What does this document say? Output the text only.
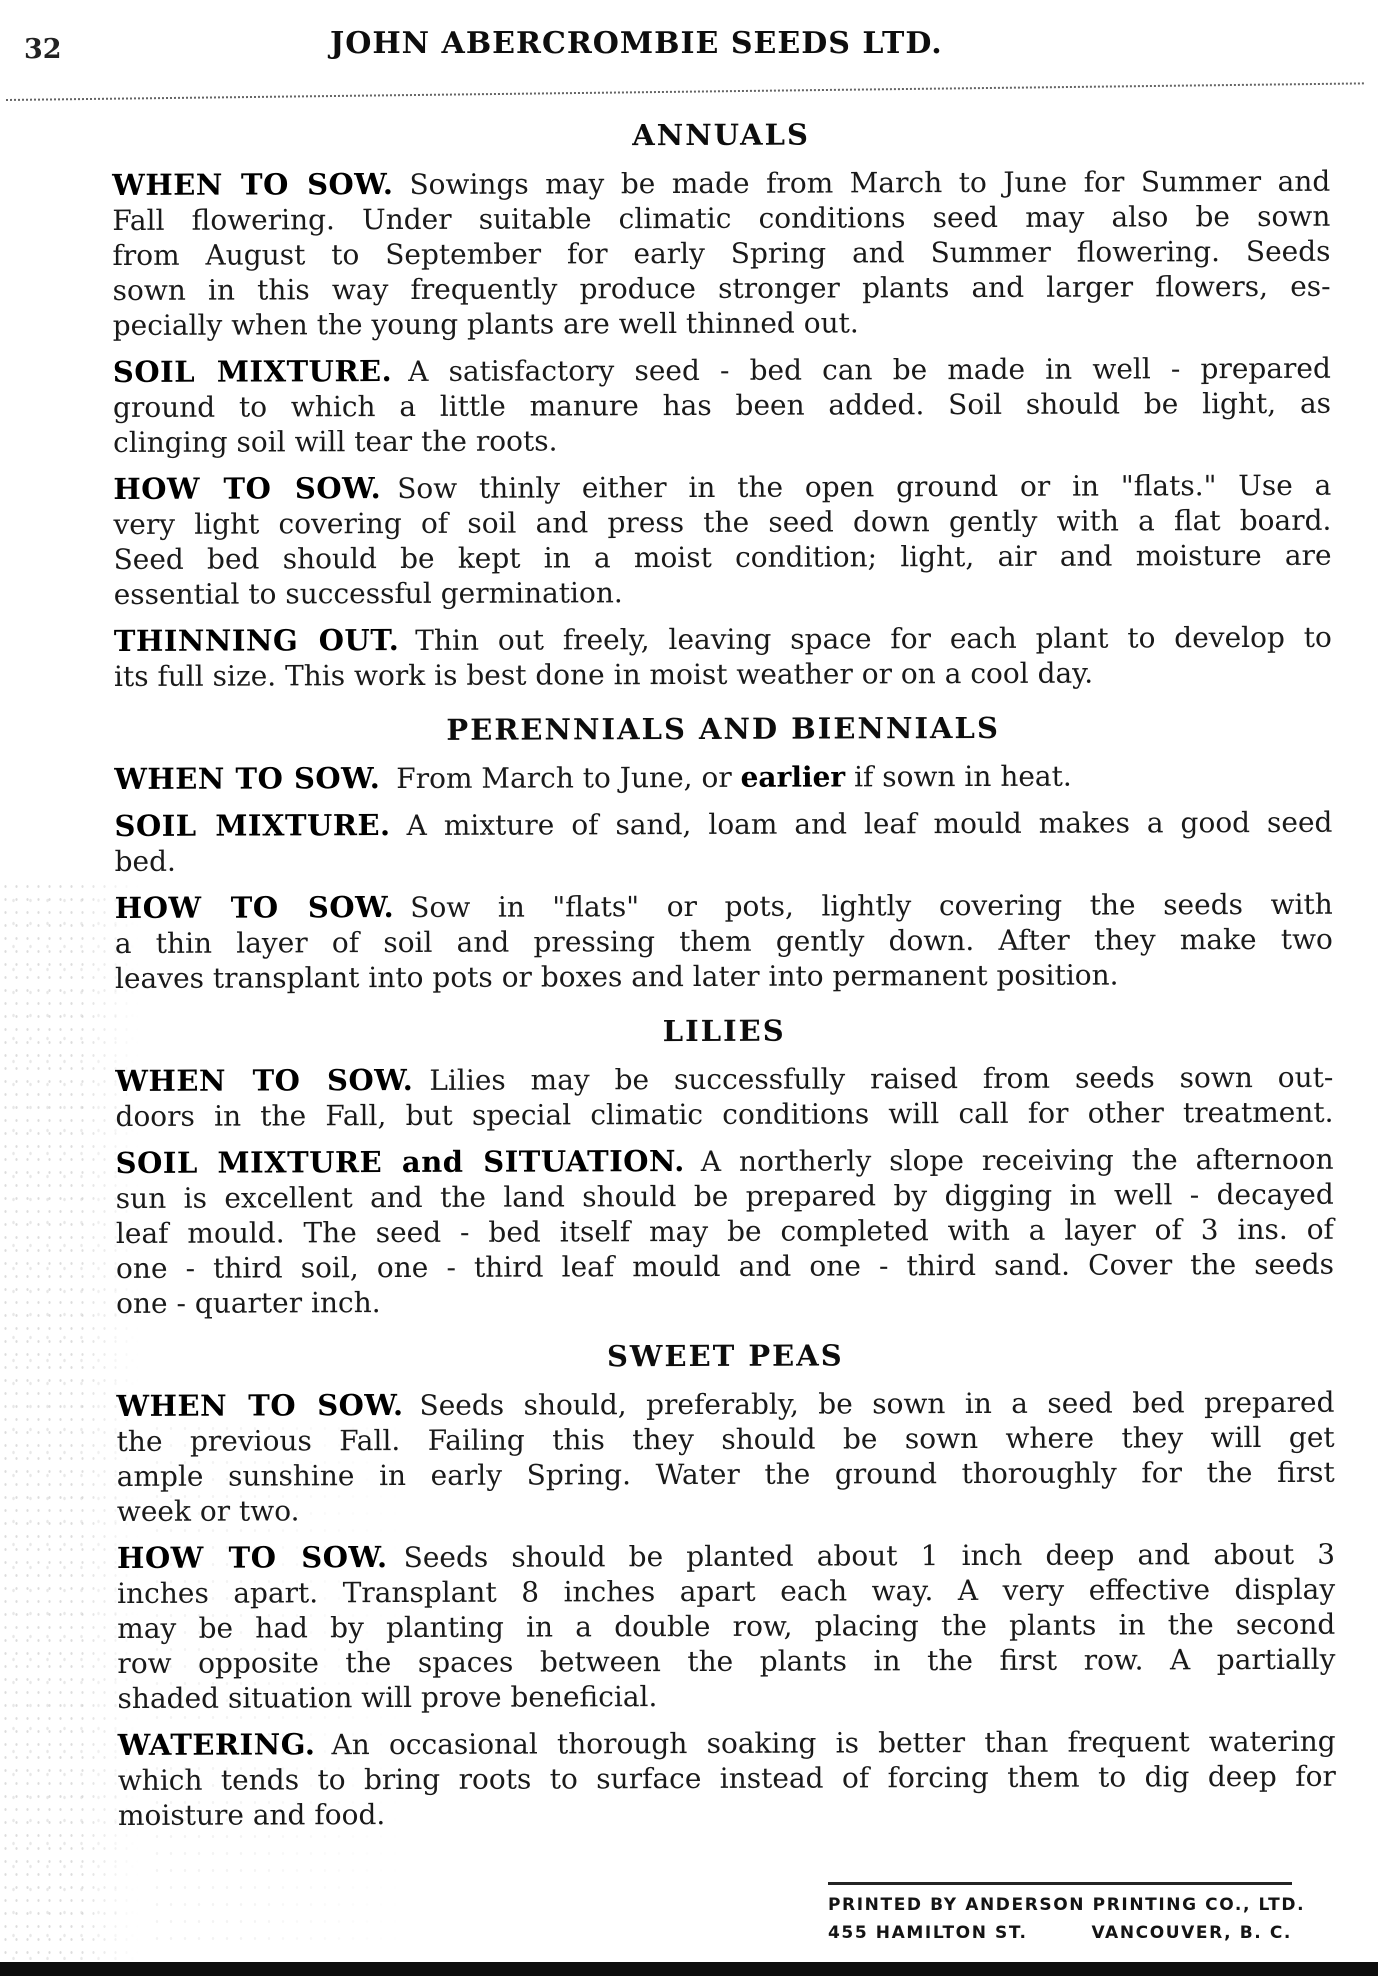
32	JOHN ABERCROMBIE SEEDS LTD.
ANNUALS
WHEN TO SOW. Sowings may be made from March to June for Summer and
Fall flowering. Under suitable climatic conditions seed may also be sown
from August to September for early Spring and Summer flowering. Seeds
sown in this way frequently produce stronger plants and larger flowers, es-
pecially when the young plants are well thinned out.
SOIL MIXTURE. A satisfactory seed - bed can be made in well - prepared
ground to which a little manure has been added. Soil should be light, as
clinging soil will tear the roots.
HOW TO SOW. Sow thinly either in the open ground or in "flats." Use a
very light covering of soil and press the seed down gently with a flat board.
Seed bed should be kept in a moist condition; light, air and moisture are
essential to successful germination.
THINNING OUT. Thin out freely, leaving space for each plant to develop to
its full size. This work is best done in moist weather or on a cool day.
PERENNIALS AND BIENNIALS
WHEN TO SOW. From March to June, or earlier if sown in heat.
SOIL MIXTURE. A mixture of sand, loam and leaf mould makes a good seed
bed.
HOW TO SOW. Sow in "flats" or pots, lightly covering the seeds with
a thin layer of soil and pressing them gently down. After they make two
leaves transplant into pots or boxes and later into permanent position.
LILIES
WHEN TO SOW. Lilies may be successfully raised from seeds sown out-
doors in the Fall, but special climatic conditions will call for other treatment.
SOIL MIXTURE and SITUATION. A northerly slope receiving the afternoon
sun is excellent and the land should be prepared by digging in well - decayed
leaf mould. The seed - bed itself may be completed with a layer of 3 ins. of
one - third soil, one - third leaf mould and one - third sand. Cover the seeds
one - quarter inch.
SWEET PEAS
WHEN TO SOW. Seeds should, preferably, be sown in a seed bed prepared
the previous Fall. Failing this they should be sown where they will get
ample sunshine in early Spring. Water the ground thoroughly for the first
week or two.
HOW TO SOW. Seeds should be planted about 1 inch deep and about 3
inches apart. Transplant 8 inches apart each way. A very effective display
may be had by planting in a double row, placing the plants in the second
row opposite the spaces between the plants in the first row. A partially
shaded situation will prove beneficial.
WATERING. An occasional thorough soaking is better than frequent watering
which tends to bring roots to surface instead of forcing them to dig deep for
moisture and food.
PRINTED BY ANDERSON PRINTING CO., LTD.
455 HAMILTON ST.	VANCOUVER, B. C.
